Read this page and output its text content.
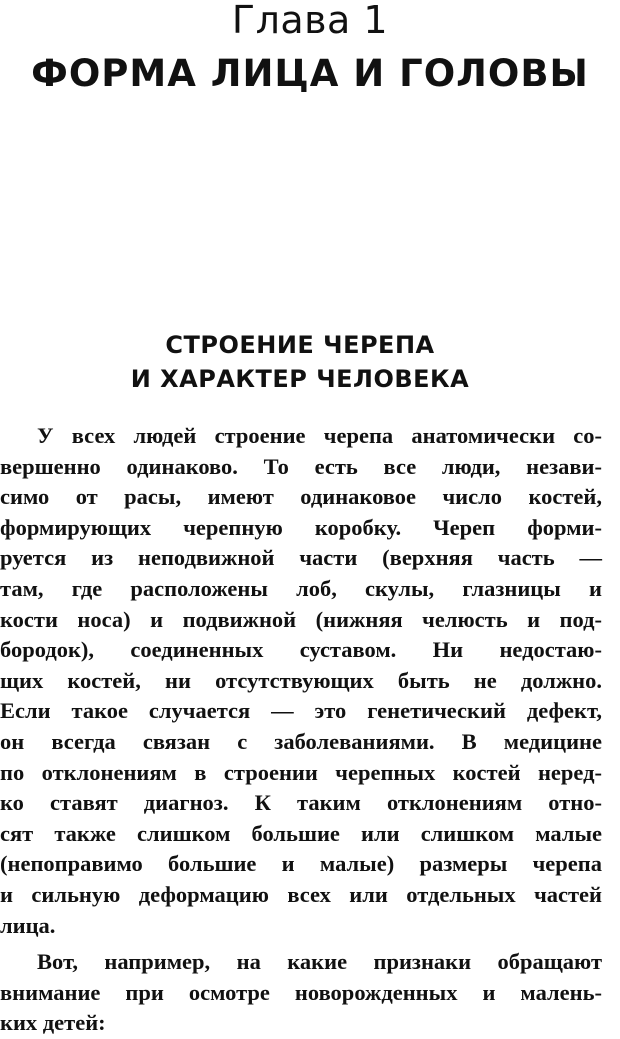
Глава 1
ФОРМА ЛИЦА И ГОЛОВЫ
СТРОЕНИЕ ЧЕРЕПА
И ХАРАКТЕР ЧЕЛОВЕКА
У всех людей строение черепа анатомически со-
вершенно одинаково. То есть все люди, незави-
симо от расы, имеют одинаковое число костей,
формирующих черепную коробку. Череп форми-
руется из неподвижной части (верхняя часть —
там, где расположены лоб, скулы, глазницы и
кости носа) и подвижной (нижняя челюсть и под-
бородок), соединенных суставом. Ни недостаю-
щих костей, ни отсутствующих быть не должно.
Если такое случается — это генетический дефект,
он всегда связан с заболеваниями. В медицине
по отклонениям в строении черепных костей неред-
ко ставят диагноз. К таким отклонениям отно-
сят также слишком большие или слишком малые
(непоправимо большие и малые) размеры черепа
и сильную деформацию всех или отдельных частей
лица.
Вот, например, на какие признаки обращают
внимание при осмотре новорожденных и малень-
ких детей:
